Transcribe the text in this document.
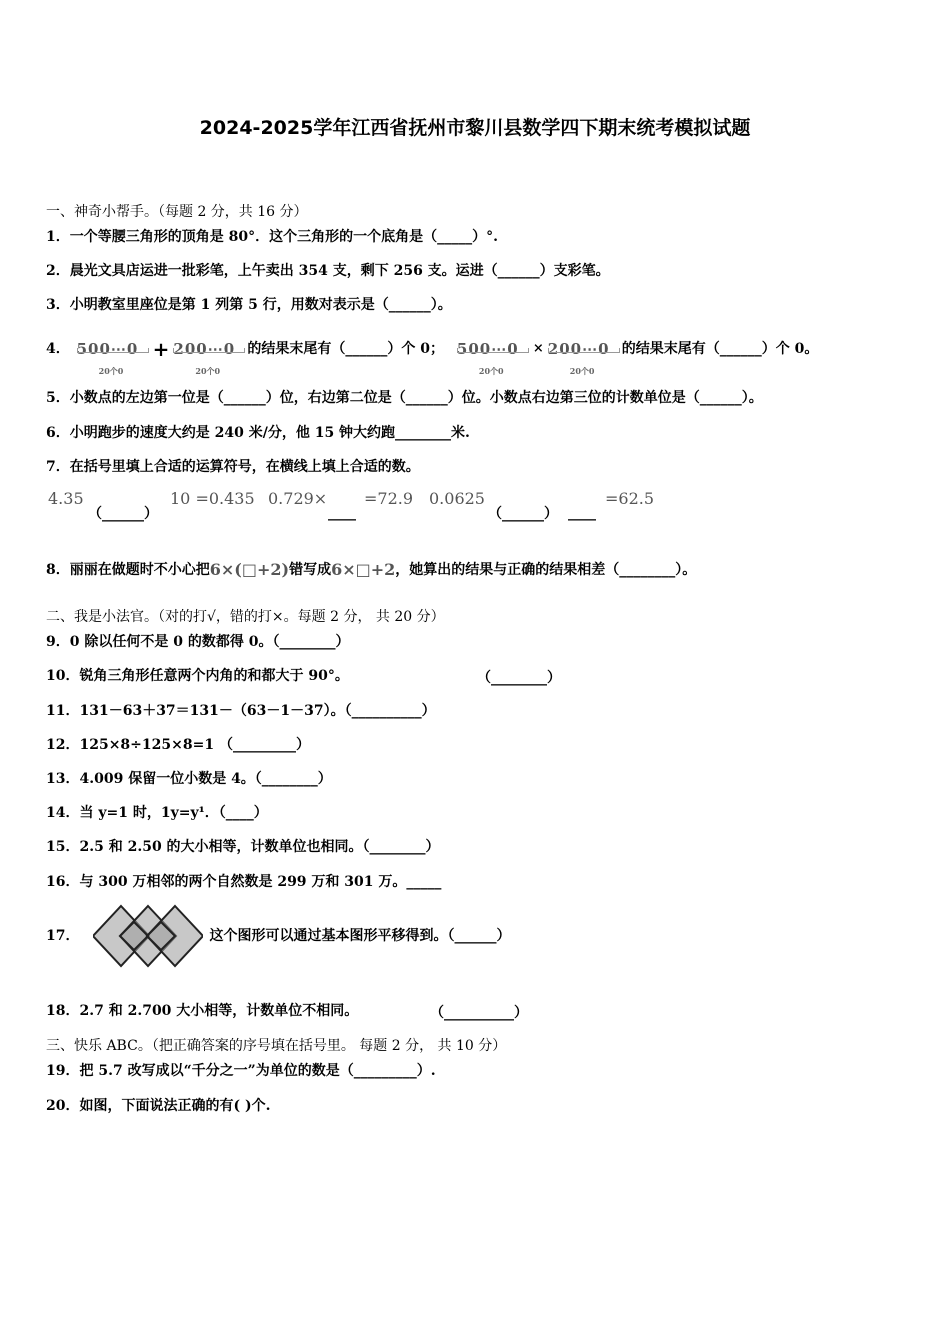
2024-2025学年江西省抚州市黎川县数学四下期末统考模拟试题
一、神奇小帮手。（每题 2 分，共 16 分）
1．一个等腰三角形的顶角是 80°．这个三角形的一个底角是（_____）°.
2．晨光文具店运进一批彩笔，上午卖出 354 支，剩下 256 支。运进（______）支彩笔。
3．小明教室里座位是第 1 列第 5 行，用数对表示是（______）。
4． 500⋯0
20个0
+ 200⋯0
20个0
的结果末尾有（______）个 0； 500⋯0
20个0
× 200⋯0
20个0
的结果末尾有（______）个 0。
5．小数点的左边第一位是（______）位，右边第二位是（______）位。小数点右边第三位的计数单位是（______）。
6．小明跑步的速度大约是 240 米/分，他 15 钟大约跑________米.
7．在括号里填上合适的运算符号，在横线上填上合适的数。
4.35
（______）
10 =0.435 0.729×
____
=72.9 0.0625
（______） ____
=62.5
8．丽丽在做题时不小心把6×(□+2)错写成6×□+2，她算出的结果与正确的结果相差（________）。
二、我是小法官。（对的打√，错的打×。每题 2 分， 共 20 分）
9．0 除以任何不是 0 的数都得 0。（________）
10．锐角三角形任意两个内角的和都大于 90°。	（________）
11．131－63＋37＝131－（63－1－37）。（__________）
12．125×8÷125×8=1 （_________）
13．4.009 保留一位小数是 4。（________）
14．当 y=1 时，1y=y¹．（____）
15．2.5 和 2.50 的大小相等，计数单位也相同。（________）
16．与 300 万相邻的两个自然数是 299 万和 301 万。_____
17．	这个图形可以通过基本图形平移得到。（______）
18．2.7 和 2.700 大小相等，计数单位不相同。	（__________）
三、快乐 ABC。（把正确答案的序号填在括号里。 每题 2 分， 共 10 分）
19．把 5.7 改写成以“千分之一”为单位的数是（_________）.
20．如图，下面说法正确的有( )个.
